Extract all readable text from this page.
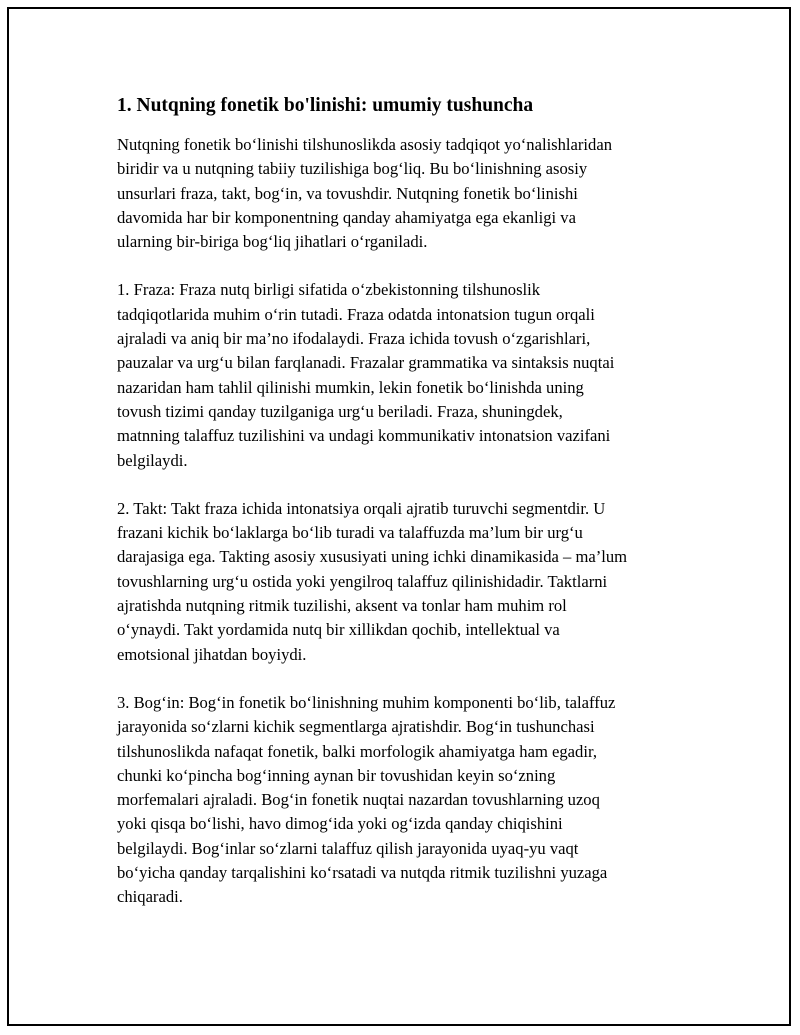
1. Nutqning fonetik bo'linishi: umumiy tushuncha
Nutqning fonetik bo‘linishi tilshunoslikda asosiy tadqiqot yo‘nalishlaridan
biridir va u nutqning tabiiy tuzilishiga bog‘liq. Bu bo‘linishning asosiy
unsurlari fraza, takt, bog‘in, va tovushdir. Nutqning fonetik bo‘linishi
davomida har bir komponentning qanday ahamiyatga ega ekanligi va
ularning bir-biriga bog‘liq jihatlari o‘rganiladi.
1. Fraza: Fraza nutq birligi sifatida o‘zbekistonning tilshunoslik
tadqiqotlarida muhim o‘rin tutadi. Fraza odatda intonatsion tugun orqali
ajraladi va aniq bir ma’no ifodalaydi. Fraza ichida tovush o‘zgarishlari,
pauzalar va urg‘u bilan farqlanadi. Frazalar grammatika va sintaksis nuqtai
nazaridan ham tahlil qilinishi mumkin, lekin fonetik bo‘linishda uning
tovush tizimi qanday tuzilganiga urg‘u beriladi. Fraza, shuningdek,
matnning talaffuz tuzilishini va undagi kommunikativ intonatsion vazifani
belgilaydi.
2. Takt: Takt fraza ichida intonatsiya orqali ajratib turuvchi segmentdir. U
frazani kichik bo‘laklarga bo‘lib turadi va talaffuzda ma’lum bir urg‘u
darajasiga ega. Takting asosiy xususiyati uning ichki dinamikasida – ma’lum
tovushlarning urg‘u ostida yoki yengilroq talaffuz qilinishidadir. Taktlarni
ajratishda nutqning ritmik tuzilishi, aksent va tonlar ham muhim rol
o‘ynaydi. Takt yordamida nutq bir xillikdan qochib, intellektual va
emotsional jihatdan boyiydi.
3. Bog‘in: Bog‘in fonetik bo‘linishning muhim komponenti bo‘lib, talaffuz
jarayonida so‘zlarni kichik segmentlarga ajratishdir. Bog‘in tushunchasi
tilshunoslikda nafaqat fonetik, balki morfologik ahamiyatga ham egadir,
chunki ko‘pincha bog‘inning aynan bir tovushidan keyin so‘zning
morfemalari ajraladi. Bog‘in fonetik nuqtai nazardan tovushlarning uzoq
yoki qisqa bo‘lishi, havo dimog‘ida yoki og‘izda qanday chiqishini
belgilaydi. Bog‘inlar so‘zlarni talaffuz qilish jarayonida uyaq-yu vaqt
bo‘yicha qanday tarqalishini ko‘rsatadi va nutqda ritmik tuzilishni yuzaga
chiqaradi.
